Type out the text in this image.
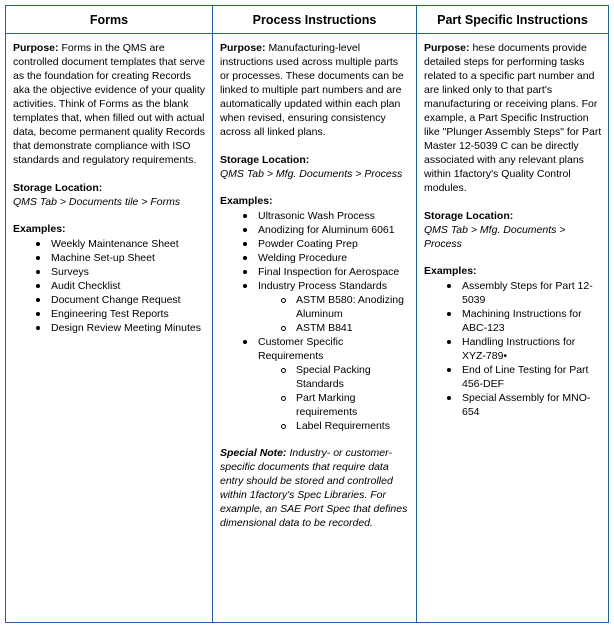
Forms	Process Instructions	Part Specific Instructions
Purpose: Forms in the QMS are controlled document templates that serve as the foundation for creating Records aka the objective evidence of your quality activities. Think of Forms as the blank templates that, when filled out with actual data, become permanent quality Records that demonstrate compliance with ISO standards and regulatory requirements.
Storage Location:
QMS Tab > Documents tile > Forms
Examples:
Weekly Maintenance Sheet
Machine Set-up Sheet
Surveys
Audit Checklist
Document Change Request
Engineering Test Reports
Design Review Meeting Minutes
Purpose: Manufacturing-level instructions used across multiple parts or processes. These documents can be linked to multiple part numbers and are automatically updated within each plan when revised, ensuring consistency across all linked plans.
Storage Location:
QMS Tab > Mfg. Documents > Process
Examples:
Ultrasonic Wash Process
Anodizing for Aluminum 6061
Powder Coating Prep
Welding Procedure
Final Inspection for Aerospace
Industry Process Standards
ASTM B580: Anodizing Aluminum
ASTM B841
Customer Specific Requirements
Special Packing Standards
Part Marking requirements
Label Requirements
Special Note: Industry- or customer-specific documents that require data entry should be stored and controlled within 1factory's Spec Libraries. For example, an SAE Port Spec that defines dimensional data to be recorded.
Purpose: hese documents provide detailed steps for performing tasks related to a specific part number and are linked only to that part's manufacturing or receiving plans. For example, a Part Specific Instruction like "Plunger Assembly Steps" for Part Master 12-5039 C can be directly associated with any relevant plans within 1factory's Quality Control modules.
Storage Location:
QMS Tab > Mfg. Documents > Process
Examples:
Assembly Steps for Part 12-5039
Machining Instructions for ABC-123
Handling Instructions for XYZ-789•
End of Line Testing for Part 456-DEF
Special Assembly for MNO-654
